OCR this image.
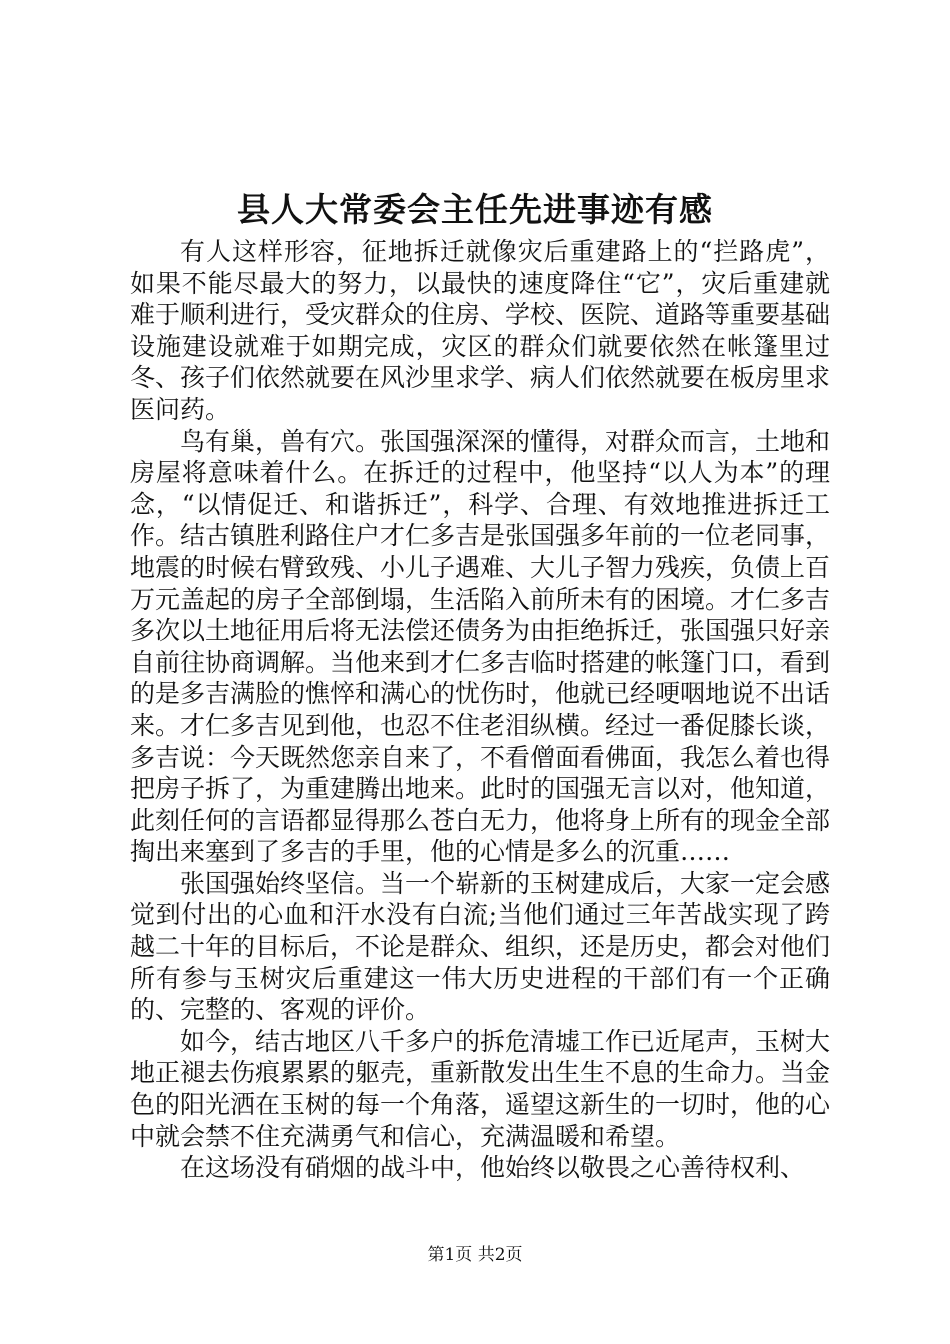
县人大常委会主任先进事迹有感

有人这样形容，征地拆迁就像灾后重建路上的“拦路虎”，如果不能尽最大的努力，以最快的速度降住“它”，灾后重建就难于顺利进行，受灾群众的住房、学校、医院、道路等重要基础设施建设就难于如期完成，灾区的群众们就要依然在帐篷里过冬、孩子们依然就要在风沙里求学、病人们依然就要在板房里求医问药。

鸟有巢，兽有穴。张国强深深的懂得，对群众而言，土地和房屋将意味着什么。在拆迁的过程中，他坚持“以人为本”的理念，“以情促迁、和谐拆迁”，科学、合理、有效地推进拆迁工作。结古镇胜利路住户才仁多吉是张国强多年前的一位老同事，地震的时候右臂致残、小儿子遇难、大儿子智力残疾，负债上百万元盖起的房子全部倒塌，生活陷入前所未有的困境。才仁多吉多次以土地征用后将无法偿还债务为由拒绝拆迁，张国强只好亲自前往协商调解。当他来到才仁多吉临时搭建的帐篷门口，看到的是多吉满脸的憔悴和满心的忧伤时，他就已经哽咽地说不出话来。才仁多吉见到他，也忍不住老泪纵横。经过一番促膝长谈，多吉说：今天既然您亲自来了，不看僧面看佛面，我怎么着也得把房子拆了，为重建腾出地来。此时的国强无言以对，他知道，此刻任何的言语都显得那么苍白无力，他将身上所有的现金全部掏出来塞到了多吉的手里，他的心情是多么的沉重……

张国强始终坚信。当一个崭新的玉树建成后，大家一定会感觉到付出的心血和汗水没有白流;当他们通过三年苦战实现了跨越二十年的目标后，不论是群众、组织，还是历史，都会对他们所有参与玉树灾后重建这一伟大历史进程的干部们有一个正确的、完整的、客观的评价。

如今，结古地区八千多户的拆危清墟工作已近尾声，玉树大地正褪去伤痕累累的躯壳，重新散发出生生不息的生命力。当金色的阳光洒在玉树的每一个角落，遥望这新生的一切时，他的心中就会禁不住充满勇气和信心，充满温暖和希望。

在这场没有硝烟的战斗中，他始终以敬畏之心善待权利、

第1页 共2页
